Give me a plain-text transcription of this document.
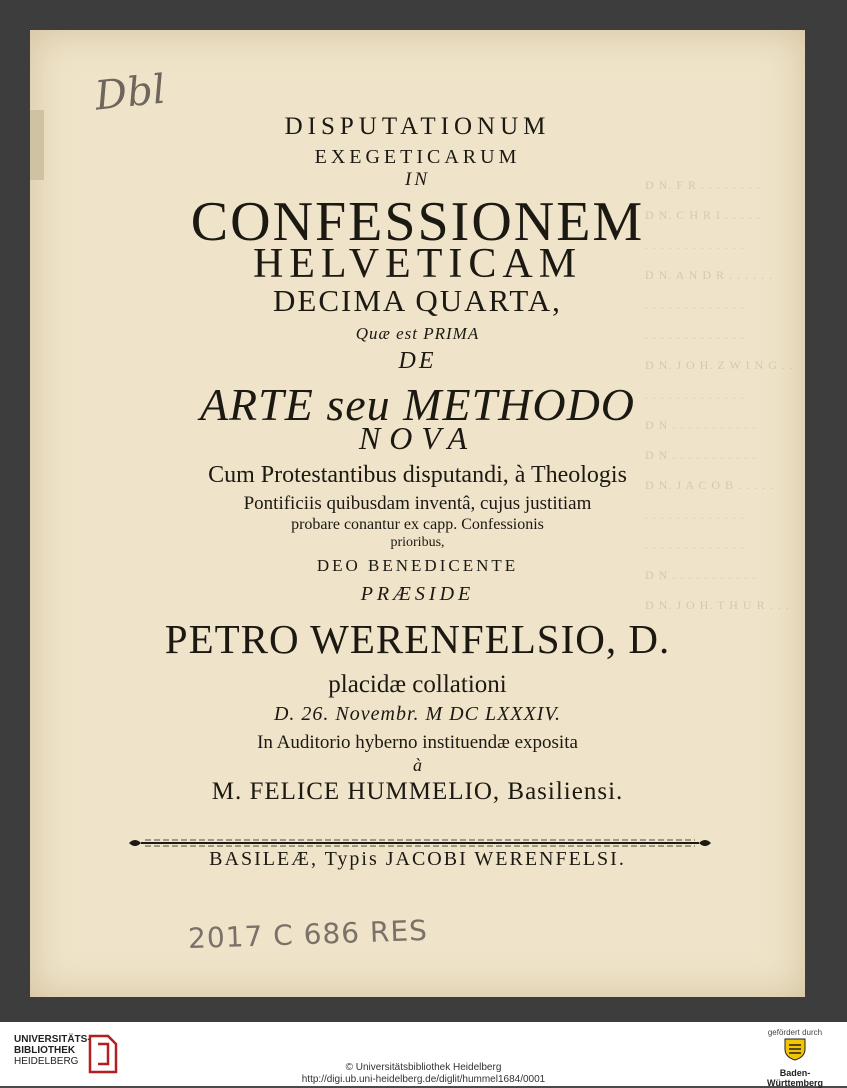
D N. F R . . . . . . . .
D N. C H R I . . . . .
. . . . . . . . . . . . .
D N. A N D R . . . . . .
. . . . . . . . . . . . .
. . . . . . . . . . . . .
D N. J O H. Z W I N G . .
. . . . . . . . . . . . .
D N . . . . . . . . . . .
D N . . . . . . . . . . .
D N. J A C O B . . . . .
. . . . . . . . . . . . .
. . . . . . . . . . . . .
D N . . . . . . . . . . .
D N. J O H. T H U R . . .
Dbl
DISPUTATIONUM
EXEGETICARUM
IN
CONFESSIONEM
HELVETICAM
DECIMA QUARTA,
Quæ est PRIMA
DE
ARTE seu METHODO
NOVA
Cum Protestantibus disputandi, à Theologis
Pontificiis quibusdam inventâ, cujus justitiam
probare conantur ex capp. Confessionis
prioribus,
DEO BENEDICENTE
PRÆSIDE
PETRO WERENFELSIO, D.
placidæ collationi
D. 26. Novembr. M DC LXXXIV.
In Auditorio hyberno instituendæ exposita
à
M. FELICE HUMMELIO, Basiliensi.
BASILEÆ, Typis JACOBI WERENFELSI.
2017 C 686 RES
UNIVERSITÄTS-
BIBLIOTHEK
HEIDELBERG
© Universitätsbibliothek Heidelberg
http://digi.ub.uni-heidelberg.de/diglit/hummel1684/0001
gefördert durch
Baden-Württemberg
